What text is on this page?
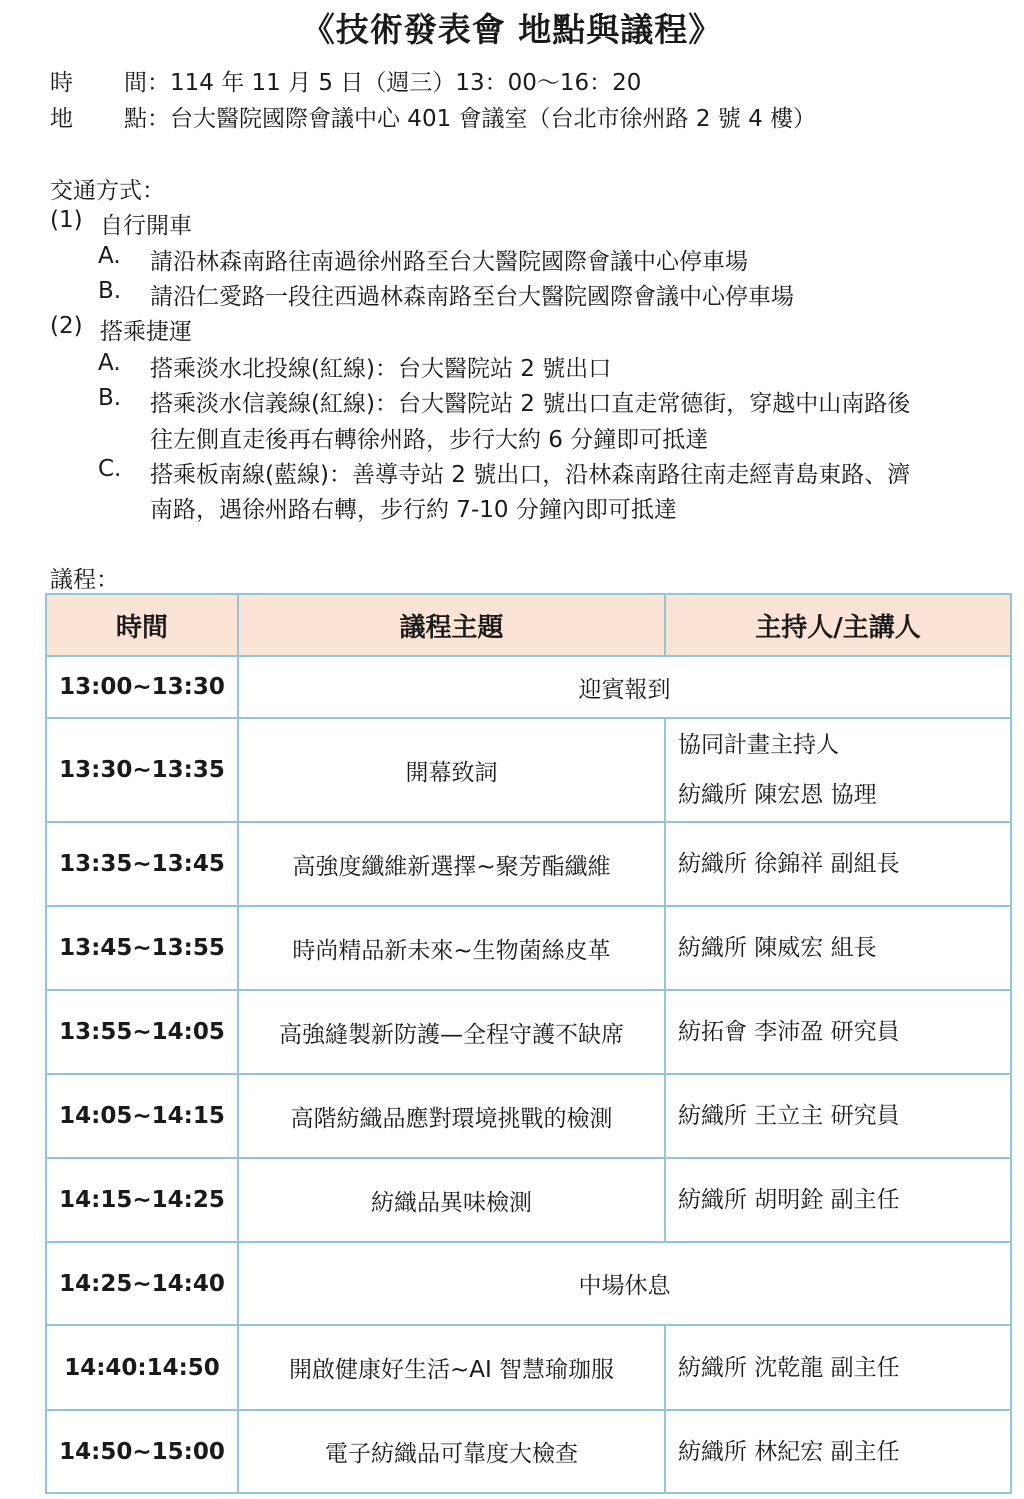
《技術發表會 地點與議程》
時 間：114 年 11 月 5 日（週三）13：00～16：20
地 點：台大醫院國際會議中心 401 會議室（台北市徐州路 2 號 4 樓）
交通方式：
(1) 自行開車
A. 請沿林森南路往南過徐州路至台大醫院國際會議中心停車場
B. 請沿仁愛路一段往西過林森南路至台大醫院國際會議中心停車場
(2) 搭乘捷運
A. 搭乘淡水北投線(紅線)：台大醫院站 2 號出口
B. 搭乘淡水信義線(紅線)：台大醫院站 2 號出口直走常德街，穿越中山南路後
往左側直走後再右轉徐州路，步行大約 6 分鐘即可抵達
C. 搭乘板南線(藍線)：善導寺站 2 號出口，沿林森南路往南走經青島東路、濟
南路，遇徐州路右轉，步行約 7-10 分鐘內即可抵達
議程：
時間	議程主題	主持人/主講人
13:00~13:30	迎賓報到	
13:30~13:35	開幕致詞	協同計畫主持人
紡織所 陳宏恩 協理

13:35~13:45	高強度纖維新選擇~聚芳酯纖維	紡織所 徐錦祥 副組長

13:45~13:55	時尚精品新未來~生物菌絲皮革	紡織所 陳威宏 組長

13:55~14:05	高強縫製新防護—全程守護不缺席	紡拓會 李沛盈 研究員

14:05~14:15	高階紡織品應對環境挑戰的檢測	紡織所 王立主 研究員

14:15~14:25	紡織品異味檢測	紡織所 胡明銓 副主任

14:25~14:40	中場休息	
14:40:14:50	開啟健康好生活~AI 智慧瑜珈服	紡織所 沈乾龍 副主任

14:50~15:00	電子紡織品可靠度大檢查	紡織所 林紀宏 副主任
